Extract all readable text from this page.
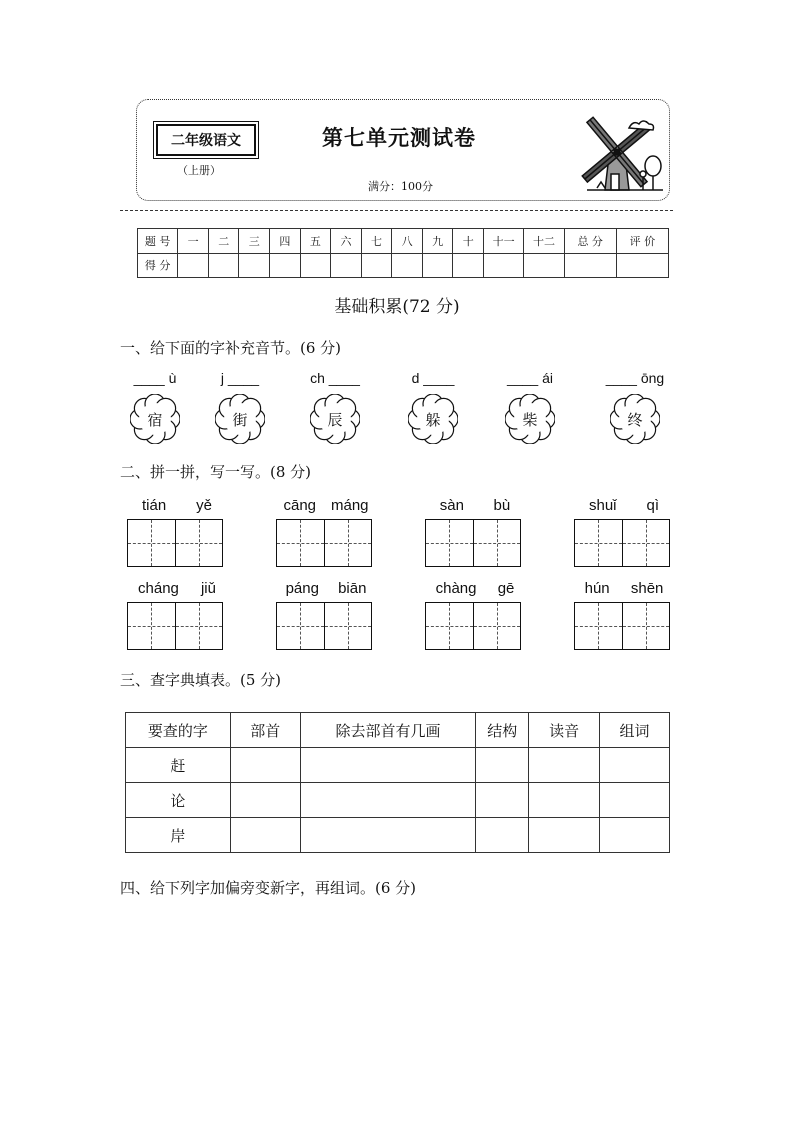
二年级语文
（上册）
第七单元测试卷
满分：100分
题 号	一	二	三	四	五	六	七	八	九	十	十一	十二	总 分	评 价
得 分														
基础积累(72 分)
一、给下面的字补充音节。(6 分)
____ ù
宿
j ____
街
ch ____
辰
d ____
躲
____ ái
柴
____ ōng
终
二、拼一拼，写一写。(8 分)
tián yě	cāng máng	sàn bù	shuǐ qì
cháng jiǔ	páng biān	chàng gē	hún shēn
三、查字典填表。(5 分)
要查的字	部首	除去部首有几画	结构	读音	组词
赶					
论					
岸					
四、给下列字加偏旁变新字，再组词。(6 分)
